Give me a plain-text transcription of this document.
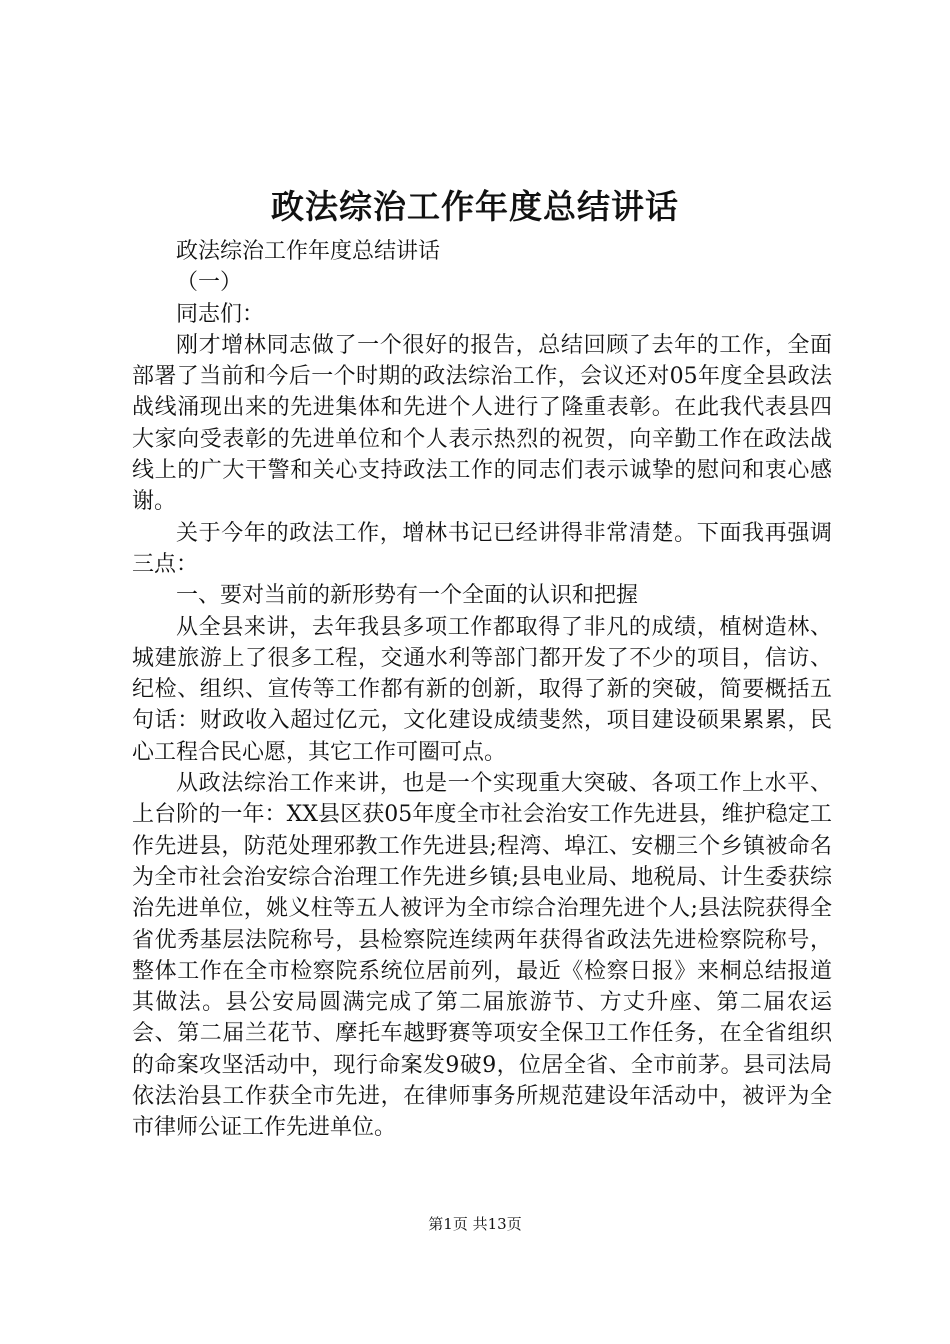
政法综治工作年度总结讲话

政法综治工作年度总结讲话

（一）

同志们：

刚才增林同志做了一个很好的报告，总结回顾了去年的工作，全面部署了当前和今后一个时期的政法综治工作，会议还对05年度全县政法战线涌现出来的先进集体和先进个人进行了隆重表彰。在此我代表县四大家向受表彰的先进单位和个人表示热烈的祝贺，向辛勤工作在政法战线上的广大干警和关心支持政法工作的同志们表示诚挚的慰问和衷心感谢。

关于今年的政法工作，增林书记已经讲得非常清楚。下面我再强调三点：

一、要对当前的新形势有一个全面的认识和把握

从全县来讲，去年我县多项工作都取得了非凡的成绩，植树造林、城建旅游上了很多工程，交通水利等部门都开发了不少的项目，信访、纪检、组织、宣传等工作都有新的创新，取得了新的突破，简要概括五句话：财政收入超过亿元，文化建设成绩斐然，项目建设硕果累累，民心工程合民心愿，其它工作可圈可点。

从政法综治工作来讲，也是一个实现重大突破、各项工作上水平、上台阶的一年：XX县区获05年度全市社会治安工作先进县，维护稳定工作先进县，防范处理邪教工作先进县;程湾、埠江、安棚三个乡镇被命名为全市社会治安综合治理工作先进乡镇;县电业局、地税局、计生委获综治先进单位，姚义柱等五人被评为全市综合治理先进个人;县法院获得全省优秀基层法院称号，县检察院连续两年获得省政法先进检察院称号，整体工作在全市检察院系统位居前列，最近《检察日报》来桐总结报道其做法。县公安局圆满完成了第二届旅游节、方丈升座、第二届农运会、第二届兰花节、摩托车越野赛等项安全保卫工作任务，在全省组织的命案攻坚活动中，现行命案发9破9，位居全省、全市前茅。县司法局依法治县工作获全市先进，在律师事务所规范建设年活动中，被评为全市律师公证工作先进单位。

第1页 共13页
